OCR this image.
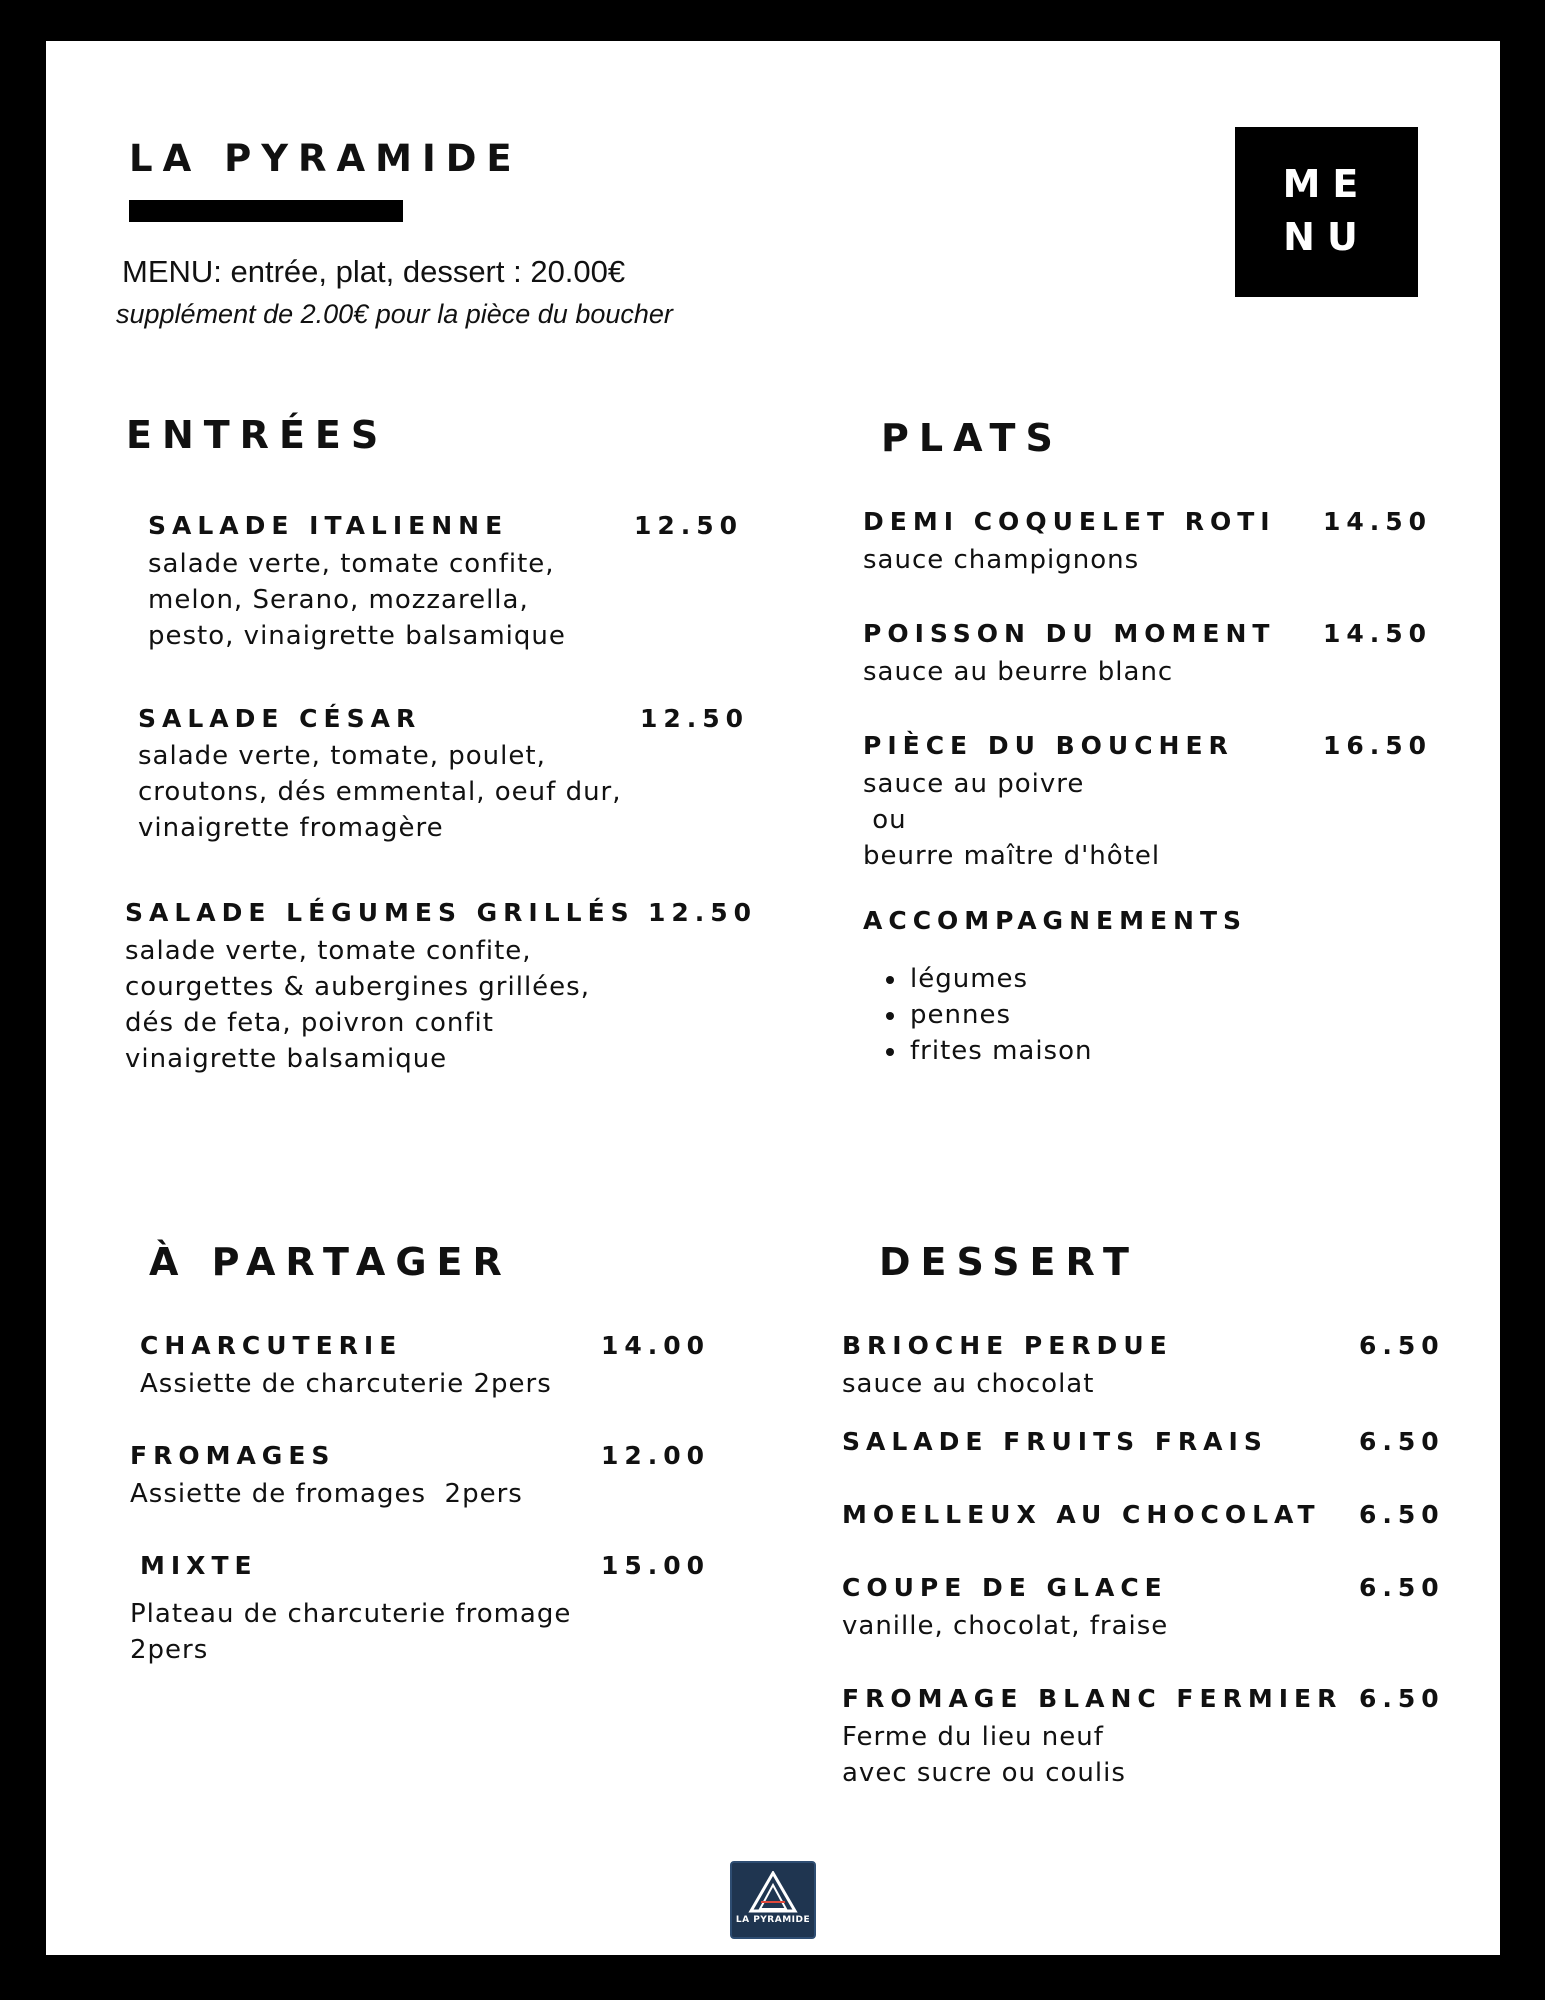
LA PYRAMIDE
MENU: entrée, plat, dessert : 20.00€
supplément de 2.00€ pour la pièce du boucher
ME
NU
ENTRÉES
SALADE ITALIENNE	12.50
salade verte, tomate confite,
melon, Serano, mozzarella,
pesto, vinaigrette balsamique
SALADE CÉSAR	12.50
salade verte, tomate, poulet,
croutons, dés emmental, oeuf dur,
vinaigrette fromagère
SALADE LÉGUMES GRILLÉS 12.50
salade verte, tomate confite,
courgettes & aubergines grillées,
dés de feta, poivron confit
vinaigrette balsamique
PLATS
DEMI COQUELET ROTI 14.50
sauce champignons
POISSON DU MOMENT 14.50
sauce au beurre blanc
PIÈCE DU BOUCHER	16.50
sauce au poivre
ou
beurre maître d'hôtel
ACCOMPAGNEMENTS
• légumes
• pennes
• frites maison
À PARTAGER
CHARCUTERIE	14.00
Assiette de charcuterie 2pers
FROMAGES	12.00
Assiette de fromages  2pers
MIXTE	15.00
Plateau de charcuterie fromage
2pers
DESSERT
BRIOCHE PERDUE	6.50
sauce au chocolat
SALADE FRUITS FRAIS	6.50
MOELLEUX AU CHOCOLAT 6.50
COUPE DE GLACE	6.50
vanille, chocolat, fraise
FROMAGE BLANC FERMIER 6.50
Ferme du lieu neuf
avec sucre ou coulis
LA PYRAMIDE
